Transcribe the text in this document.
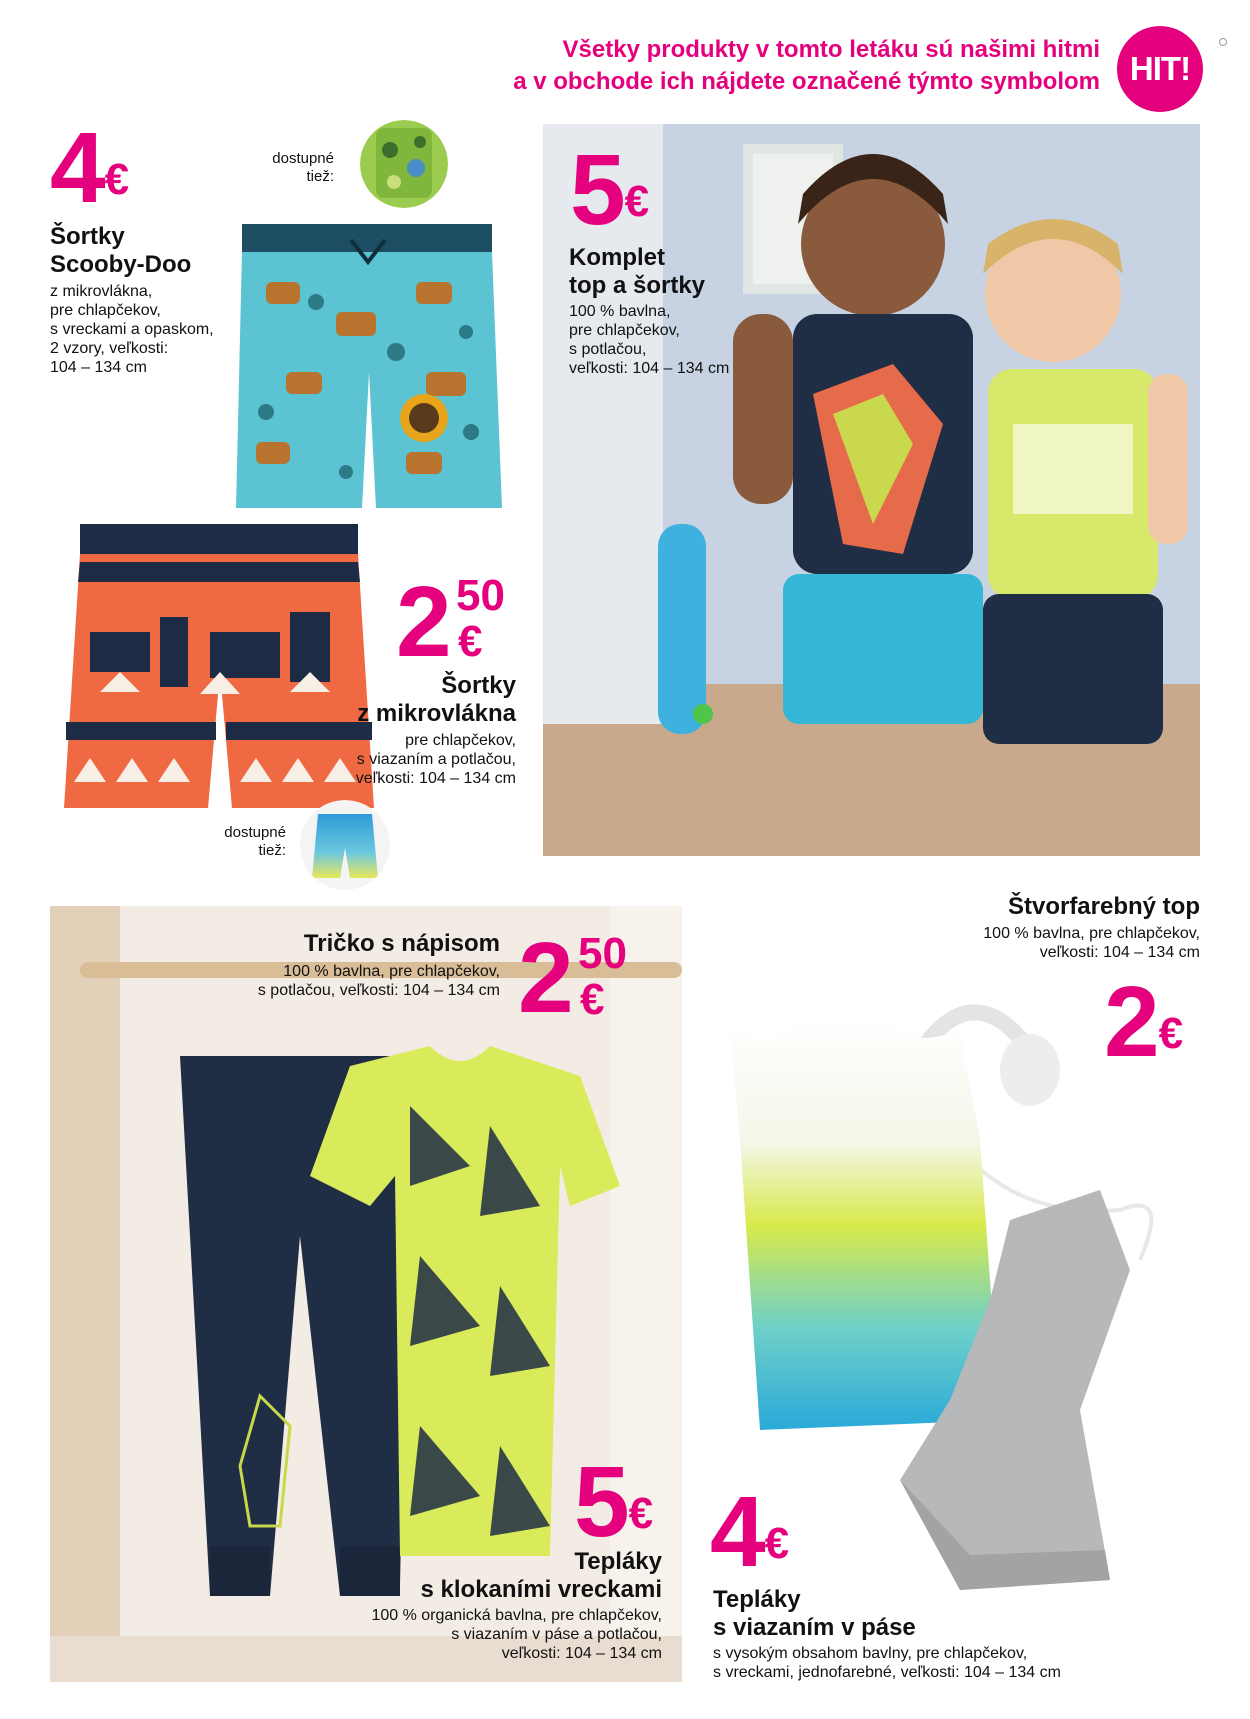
Všetky produkty v tomto letáku sú našimi hitmi
a v obchode ich nájdete označené týmto symbolom HIT!
4€
Šortky
Scooby-Doo
z mikrovlákna,
pre chlapčekov,
s vreckami a opaskom,
2 vzory, veľkosti:
104 – 134 cm
dostupné
tiež:
2 50
€
Šortky
z mikrovlákna
pre chlapčekov,
s viazaním a potlačou,
veľkosti: 104 – 134 cm
dostupné
tiež:
5€
Komplet
top a šortky
100 % bavlna,
pre chlapčekov,
s potlačou,
veľkosti: 104 – 134 cm
Tričko s nápisom
100 % bavlna, pre chlapčekov,
s potlačou, veľkosti: 104 – 134 cm 2 50
€
5€
Tepláky
s klokaními vreckami
100 % organická bavlna, pre chlapčekov,
s viazaním v páse a potlačou,
veľkosti: 104 – 134 cm
Štvorfarebný top
100 % bavlna, pre chlapčekov,
veľkosti: 104 – 134 cm
2€
4€
Tepláky
s viazaním v páse
s vysokým obsahom bavlny, pre chlapčekov,
s vreckami, jednofarebné, veľkosti: 104 – 134 cm
